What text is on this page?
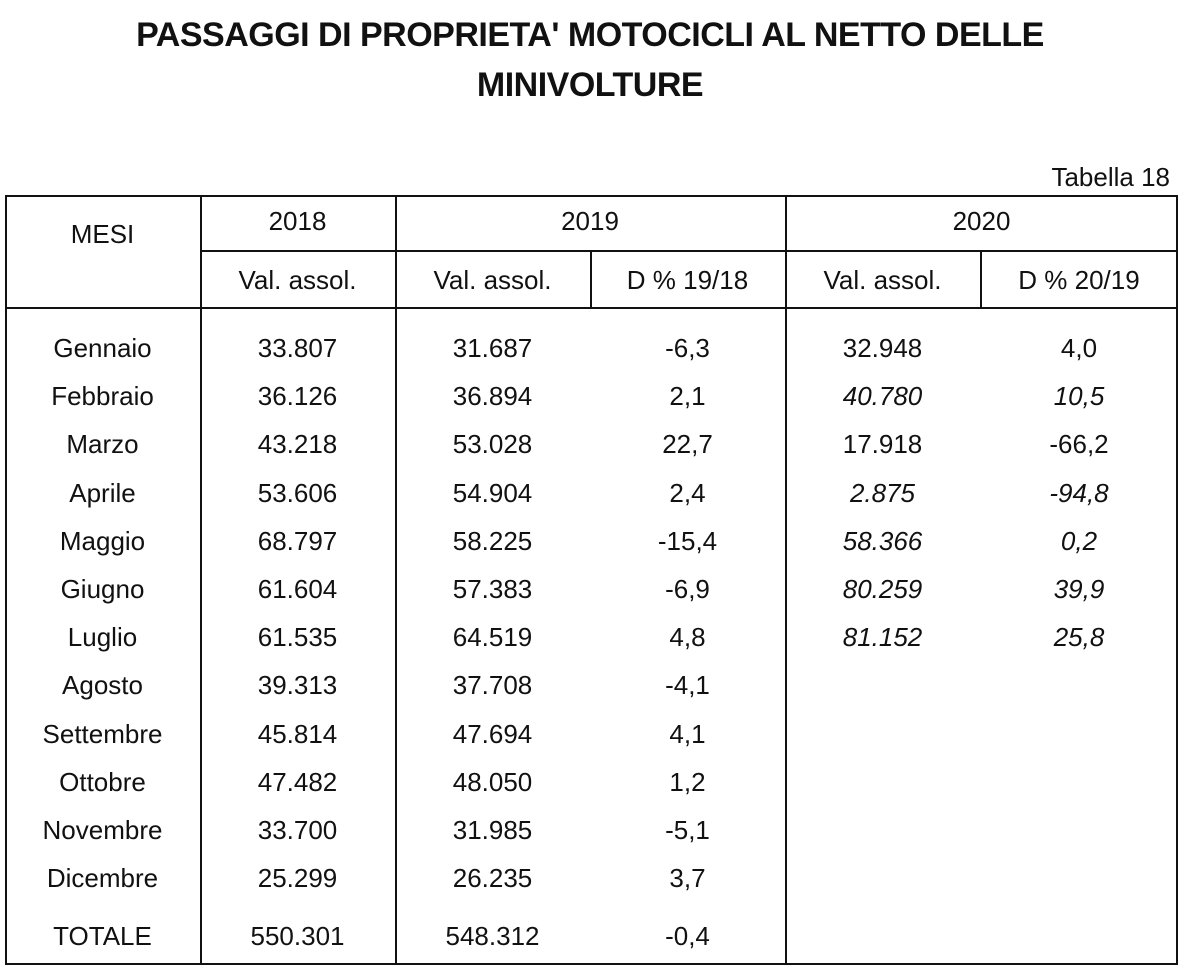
PASSAGGI DI PROPRIETA' MOTOCICLI AL NETTO DELLE
MINIVOLTURE
Tabella 18
MESI	2018	2019	2020
Val. assol.	Val. assol.	D % 19/18	Val. assol.	D % 20/19
Gennaio	33.807	31.687	-6,3	32.948	4,0
Febbraio	36.126	36.894	2,1	40.780	10,5
Marzo	43.218	53.028	22,7	17.918	-66,2
Aprile	53.606	54.904	2,4	2.875	-94,8
Maggio	68.797	58.225	-15,4	58.366	0,2
Giugno	61.604	57.383	-6,9	80.259	39,9
Luglio	61.535	64.519	4,8	81.152	25,8
Agosto	39.313	37.708	-4,1
Settembre	45.814	47.694	4,1
Ottobre	47.482	48.050	1,2
Novembre	33.700	31.985	-5,1
Dicembre	25.299	26.235	3,7
TOTALE	550.301	548.312	-0,4
